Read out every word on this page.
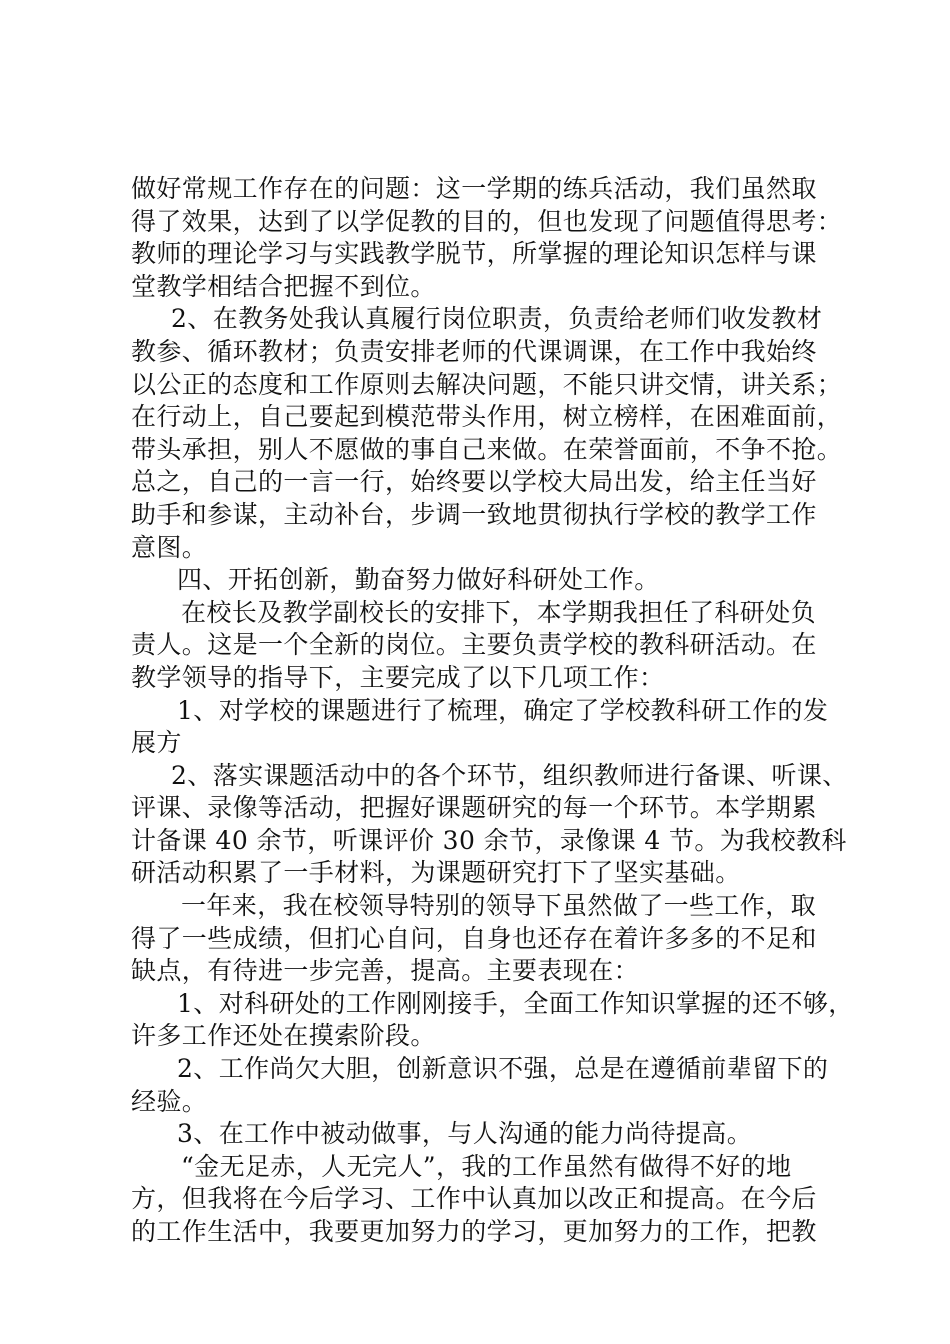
做好常规工作存在的问题：这一学期的练兵活动，我们虽然取
得了效果，达到了以学促教的目的，但也发现了问题值得思考：
教师的理论学习与实践教学脱节，所掌握的理论知识怎样与课
堂教学相结合把握不到位。
2、在教务处我认真履行岗位职责，负责给老师们收发教材
教参、循环教材；负责安排老师的代课调课，在工作中我始终
以公正的态度和工作原则去解决问题，不能只讲交情，讲关系；
在行动上，自己要起到模范带头作用，树立榜样，在困难面前，
带头承担，别人不愿做的事自己来做。在荣誉面前，不争不抢。
总之，自己的一言一行，始终要以学校大局出发，给主任当好
助手和参谋，主动补台，步调一致地贯彻执行学校的教学工作
意图。
四、开拓创新，勤奋努力做好科研处工作。
在校长及教学副校长的安排下，本学期我担任了科研处负
责人。这是一个全新的岗位。主要负责学校的教科研活动。在
教学领导的指导下，主要完成了以下几项工作：
1、对学校的课题进行了梳理，确定了学校教科研工作的发
展方
2、落实课题活动中的各个环节，组织教师进行备课、听课、
评课、录像等活动，把握好课题研究的每一个环节。本学期累
计备课 40 余节，听课评价 30 余节，录像课 4 节。为我校教科
研活动积累了一手材料，为课题研究打下了坚实基础。
一年来，我在校领导特别的领导下虽然做了一些工作，取
得了一些成绩，但扪心自问，自身也还存在着许多多的不足和
缺点，有待进一步完善，提高。主要表现在：
1、对科研处的工作刚刚接手，全面工作知识掌握的还不够，
许多工作还处在摸索阶段。
2、工作尚欠大胆，创新意识不强，总是在遵循前辈留下的
经验。
3、在工作中被动做事，与人沟通的能力尚待提高。
“金无足赤，人无完人”，我的工作虽然有做得不好的地
方，但我将在今后学习、工作中认真加以改正和提高。在今后
的工作生活中，我要更加努力的学习，更加努力的工作，把教
